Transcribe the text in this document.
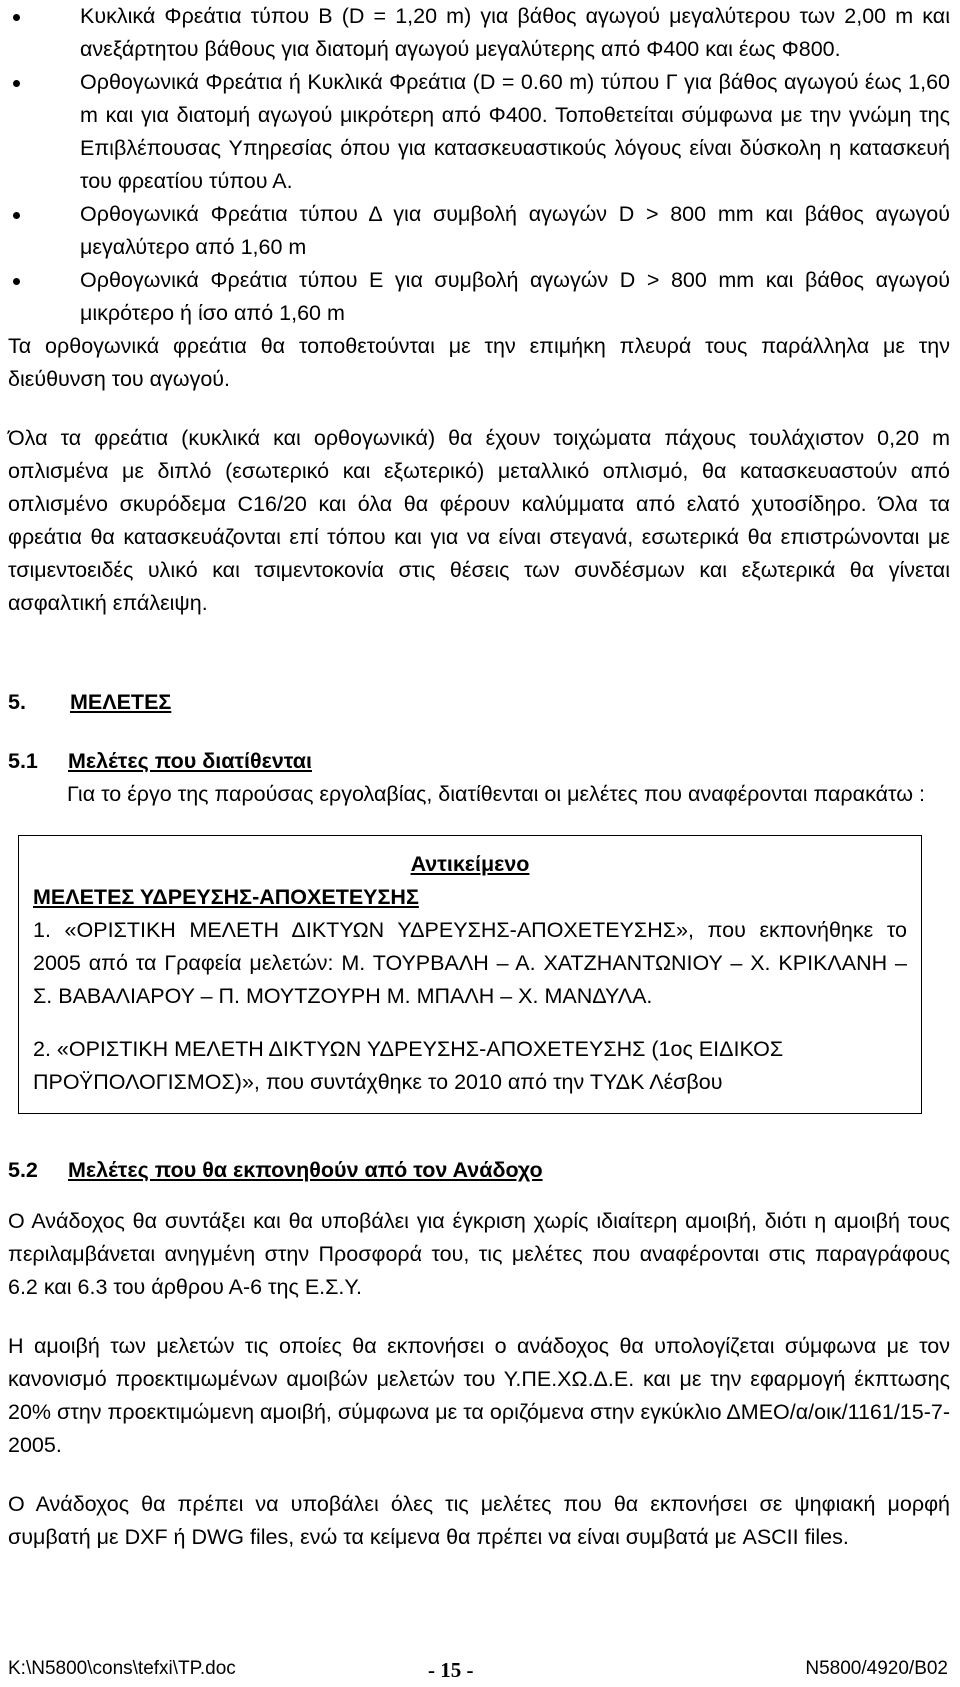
Κυκλικά Φρεάτια τύπου Β (D = 1,20 m) για βάθος αγωγού μεγαλύτερου των 2,00 m και ανεξάρτητου βάθους για διατομή αγωγού μεγαλύτερης από Φ400 και έως Φ800.
Ορθογωνικά Φρεάτια ή Κυκλικά Φρεάτια (D = 0.60 m) τύπου Γ για βάθος αγωγού έως 1,60 m και για διατομή αγωγού μικρότερη από Φ400. Τοποθετείται σύμφωνα με την γνώμη της Επιβλέπουσας Υπηρεσίας όπου για κατασκευαστικούς λόγους είναι δύσκολη η κατασκευή του φρεατίου τύπου Α.
Ορθογωνικά Φρεάτια τύπου Δ για συμβολή αγωγών D > 800 mm και βάθος αγωγού μεγαλύτερο από 1,60 m
Ορθογωνικά Φρεάτια τύπου Ε για συμβολή αγωγών D > 800 mm και βάθος αγωγού μικρότερο ή ίσο από 1,60 m

Τα ορθογωνικά φρεάτια θα τοποθετούνται με την επιμήκη πλευρά τους παράλληλα με την διεύθυνση του αγωγού.

Όλα τα φρεάτια (κυκλικά και ορθογωνικά) θα έχουν τοιχώματα πάχους τουλάχιστον 0,20 m οπλισμένα με διπλό (εσωτερικό και εξωτερικό) μεταλλικό οπλισμό, θα κατασκευαστούν από οπλισμένο σκυρόδεμα C16/20 και όλα θα φέρουν καλύμματα από ελατό χυτοσίδηρο. Όλα τα φρεάτια θα κατασκευάζονται επί τόπου και για να είναι στεγανά, εσωτερικά θα επιστρώνονται με τσιμεντοειδές υλικό και τσιμεντοκονία στις θέσεις των συνδέσμων και εξωτερικά θα γίνεται ασφαλτική επάλειψη.

5. ΜΕΛΕΤΕΣ

5.1 Μελέτες που διατίθενται

Για το έργο της παρούσας εργολαβίας, διατίθενται οι μελέτες που αναφέρονται παρακάτω :

Αντικείμενο

ΜΕΛΕΤΕΣ ΥΔΡΕΥΣΗΣ-ΑΠΟΧΕΤΕΥΣΗΣ

1. «ΟΡΙΣΤΙΚΗ ΜΕΛΕΤΗ ΔΙΚΤΥΩΝ ΥΔΡΕΥΣΗΣ-ΑΠΟΧΕΤΕΥΣΗΣ», που εκπονήθηκε το 2005 από τα Γραφεία μελετών: Μ. ΤΟΥΡΒΑΛΗ – Α. ΧΑΤΖΗΑΝΤΩΝΙΟΥ – Χ. ΚΡΙΚΛΑΝΗ – Σ. ΒΑΒΑΛΙΑΡΟΥ – Π. ΜΟΥΤΖΟΥΡΗ Μ. ΜΠΑΛΗ – Χ. ΜΑΝΔΥΛΑ.

2. «ΟΡΙΣΤΙΚΗ ΜΕΛΕΤΗ ΔΙΚΤΥΩΝ ΥΔΡΕΥΣΗΣ-ΑΠΟΧΕΤΕΥΣΗΣ (1ος ΕΙΔΙΚΟΣ ΠΡΟΫΠΟΛΟΓΙΣΜΟΣ)», που συντάχθηκε το 2010 από την ΤΥΔΚ Λέσβου

5.2 Μελέτες που θα εκπονηθούν από τον Ανάδοχο

Ο Ανάδοχος θα συντάξει και θα υποβάλει για έγκριση χωρίς ιδιαίτερη αμοιβή, διότι η αμοιβή τους περιλαμβάνεται ανηγμένη στην Προσφορά του, τις μελέτες που αναφέρονται στις παραγράφους 6.2 και 6.3 του άρθρου Α-6 της Ε.Σ.Υ.

Η αμοιβή των μελετών τις οποίες θα εκπονήσει ο ανάδοχος θα υπολογίζεται σύμφωνα με τον κανονισμό προεκτιμωμένων αμοιβών μελετών του Υ.ΠΕ.ΧΩ.Δ.Ε. και με την εφαρμογή έκπτωσης 20% στην προεκτιμώμενη αμοιβή, σύμφωνα με τα οριζόμενα στην εγκύκλιο ΔΜΕΟ/α/οικ/1161/15-7-2005.

Ο Ανάδοχος θα πρέπει να υποβάλει όλες τις μελέτες που θα εκπονήσει σε ψηφιακή μορφή συμβατή με DXF ή DWG files, ενώ τα κείμενα θα πρέπει να είναι συμβατά με ASCII files.

K:\N5800\cons\tefxi\TP.doc	- 15 -	N5800/4920/B02
